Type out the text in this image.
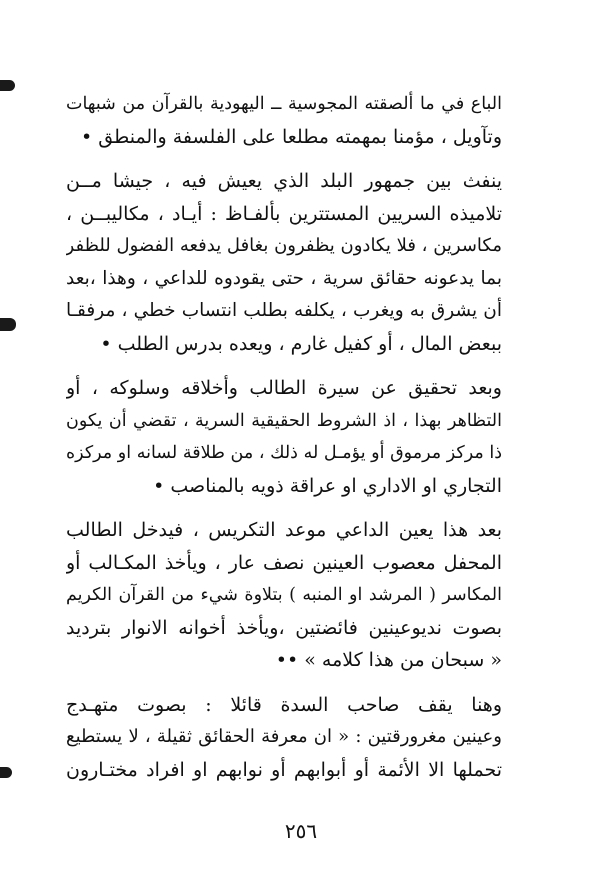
الباع في ما ألصقته المجوسية ــ اليهودية بالقرآن من شبهات
وتآويل ، مؤمنا بمهمته مطلعا على الفلسفة والمنطق •

ينفث بين جمهور البلد الذي يعيش فيه ، جيشا مــن
تلاميذه السريين المستترين بألفـاظ : أيـاد ، مكاليبــن ،
مكاسرين ، فلا يكادون يظفرون بغافل يدفعه الفضول للظفر
بما يدعونه حقائق سرية ، حتى يقودوه للداعي ، وهذا ،بعد
أن يشرق به ويغرب ، يكلفه بطلب انتساب خطي ، مرفقـا
ببعض المال ، أو كفيل غارم ، ويعده بدرس الطلب •

وبعد تحقيق عن سيرة الطالب وأخلاقه وسلوكه ، أو
التظاهر بهذا ، اذ الشروط الحقيقية السرية ، تقضي أن يكون
ذا مركز مرموق أو يؤمـل له ذلك ، من طلاقة لسانه او مركزه
التجاري او الاداري او عراقة ذويه بالمناصب •

بعد هذا يعين الداعي موعد التكريس ، فيدخل الطالب
المحفل معصوب العينين نصف عار ، ويأخذ المكـالب أو
المكاسر ( المرشد او المنبه ) بتلاوة شيء من القرآن الكريم
بصوت نديوعينين فائضتين ،ويأخذ أخوانه الانوار بترديد
« سبحان من هذا كلامه » ••

وهنا يقف صاحب السدة قائلا : بصوت متهـدج
وعينين مغرورقتين : « ان معرفة الحقائق ثقيلة ، لا يستطيع
تحملها الا الأئمة أو أبوابهم أو نوابهم او افراد مختـارون

٢٥٦
